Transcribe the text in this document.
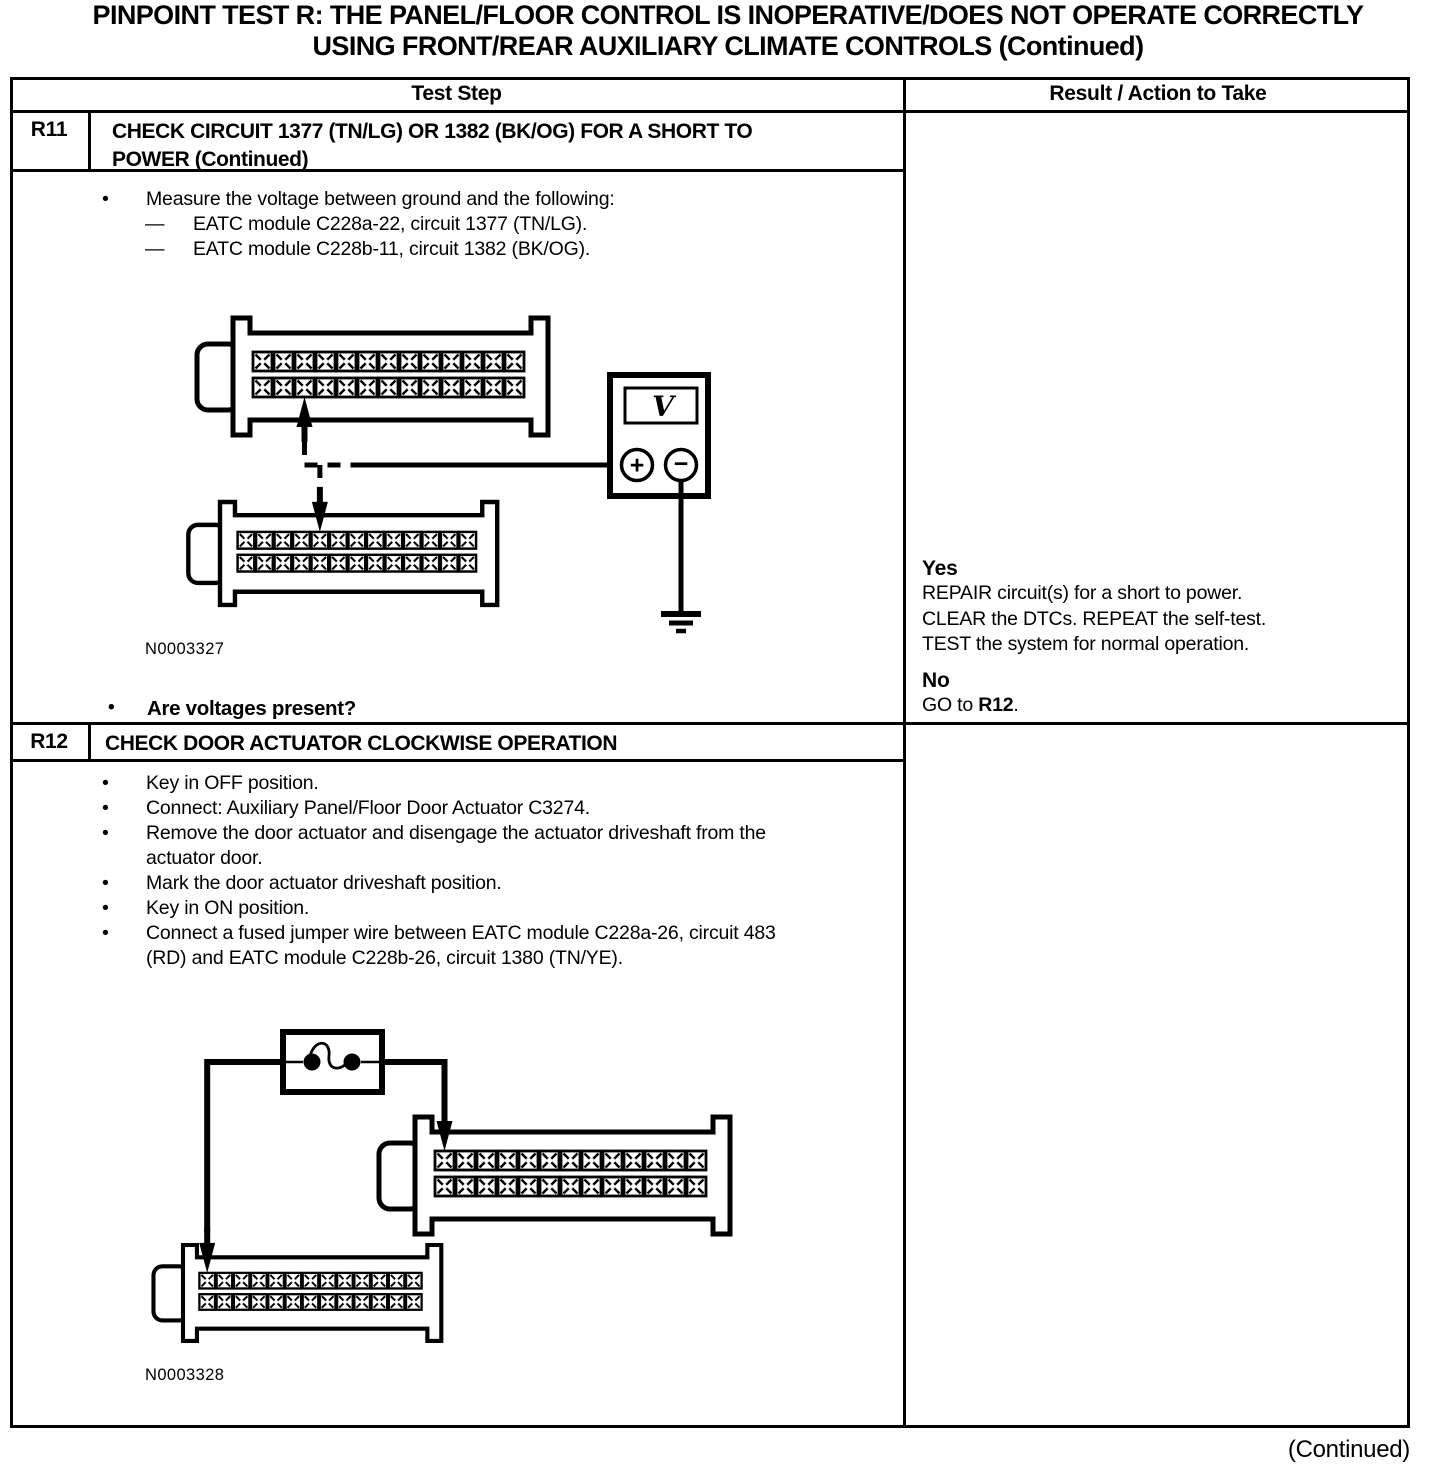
PINPOINT TEST R: THE PANEL/FLOOR CONTROL IS INOPERATIVE/DOES NOT OPERATE CORRECTLY
USING FRONT/REAR AUXILIARY CLIMATE CONTROLS (Continued)
Test Step	Result / Action to Take
R11	CHECK CIRCUIT 1377 (TN/LG) OR 1382 (BK/OG) FOR A SHORT TO POWER (Continued)
• Measure the voltage between ground and the following:
— EATC module C228a-22, circuit 1377 (TN/LG).
— EATC module C228b-11, circuit 1382 (BK/OG).
V
+ −
N0003327
• Are voltages present?
Yes
REPAIR circuit(s) for a short to power.
CLEAR the DTCs. REPEAT the self-test.
TEST the system for normal operation.
No
GO to R12.
R12	CHECK DOOR ACTUATOR CLOCKWISE OPERATION
• Key in OFF position.
• Connect: Auxiliary Panel/Floor Door Actuator C3274.
• Remove the door actuator and disengage the actuator driveshaft from the actuator door.
• Mark the door actuator driveshaft position.
• Key in ON position.
• Connect a fused jumper wire between EATC module C228a-26, circuit 483 (RD) and EATC module C228b-26, circuit 1380 (TN/YE).
N0003328
(Continued)
